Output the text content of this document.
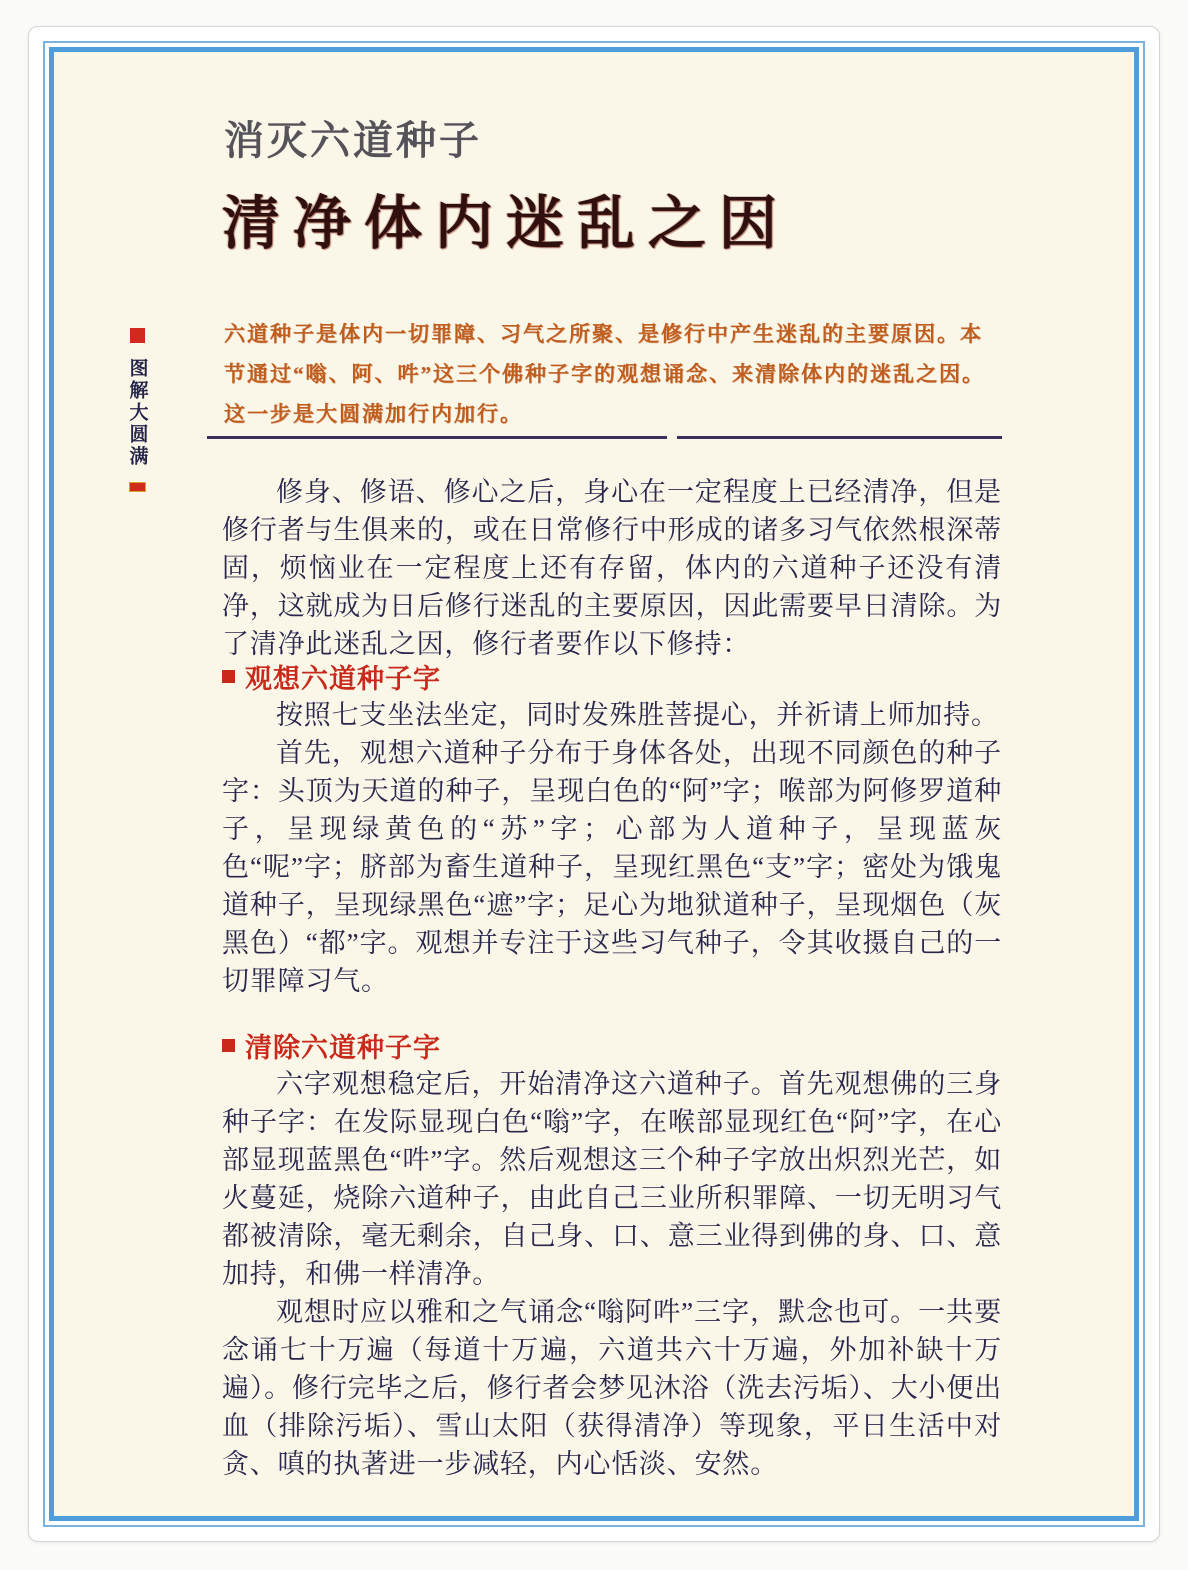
图解大圆满
消灭六道种子
清净体内迷乱之因
六道种子是体内一切罪障、习气之所聚、是修行中产生迷乱的主要原因。本节通过“嗡、阿、吽”这三个佛种子字的观想诵念、来清除体内的迷乱之因。这一步是大圆满加行内加行。

修身、修语、修心之后，身心在一定程度上已经清净，但是修行者与生俱来的，或在日常修行中形成的诸多习气依然根深蒂固，烦恼业在一定程度上还有存留，体内的六道种子还没有清净，这就成为日后修行迷乱的主要原因，因此需要早日清除。为了清净此迷乱之因，修行者要作以下修持：

观想六道种子字

按照七支坐法坐定，同时发殊胜菩提心，并祈请上师加持。

首先，观想六道种子分布于身体各处，出现不同颜色的种子字：头顶为天道的种子，呈现白色的“阿”字；喉部为阿修罗道种子，呈现绿黄色的“苏”字；心部为人道种子，呈现蓝灰色“呢”字；脐部为畜生道种子，呈现红黑色“支”字；密处为饿鬼道种子，呈现绿黑色“遮”字；足心为地狱道种子，呈现烟色（灰黑色）“都”字。观想并专注于这些习气种子，令其收摄自己的一切罪障习气。

清除六道种子字

六字观想稳定后，开始清净这六道种子。首先观想佛的三身种子字：在发际显现白色“嗡”字，在喉部显现红色“阿”字，在心部显现蓝黑色“吽”字。然后观想这三个种子字放出炽烈光芒，如火蔓延，烧除六道种子，由此自己三业所积罪障、一切无明习气都被清除，毫无剩余，自己身、口、意三业得到佛的身、口、意加持，和佛一样清净。

观想时应以雅和之气诵念“嗡阿吽”三字，默念也可。一共要念诵七十万遍（每道十万遍，六道共六十万遍，外加补缺十万遍）。修行完毕之后，修行者会梦见沐浴（洗去污垢）、大小便出血（排除污垢）、雪山太阳（获得清净）等现象，平日生活中对贪、嗔的执著进一步减轻，内心恬淡、安然。
